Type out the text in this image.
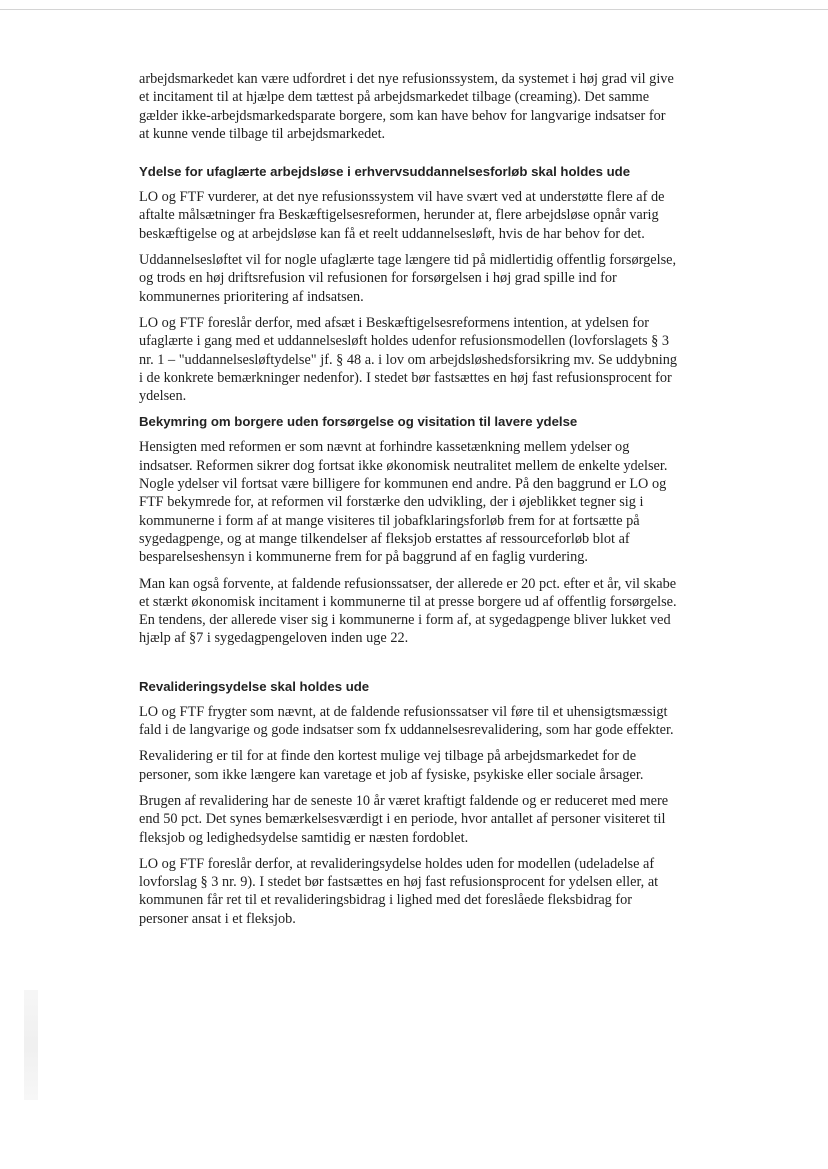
arbejdsmarkedet kan være udfordret i det nye refusionssystem, da systemet i høj grad vil give et incitament til at hjælpe dem tættest på arbejdsmarkedet tilbage (creaming). Det samme gælder ikke-arbejdsmarkedsparate borgere, som kan have behov for langvarige indsatser for at kunne vende tilbage til arbejdsmarkedet.

Ydelse for ufaglærte arbejdsløse i erhvervsuddannelsesforløb skal holdes ude

LO og FTF vurderer, at det nye refusionssystem vil have svært ved at understøtte flere af de aftalte målsætninger fra Beskæftigelsesreformen, herunder at, flere arbejdsløse opnår varig beskæftigelse og at arbejdsløse kan få et reelt uddannelsesløft, hvis de har behov for det.

Uddannelsesløftet vil for nogle ufaglærte tage længere tid på midlertidig offentlig forsørgelse, og trods en høj driftsrefusion vil refusionen for forsørgelsen i høj grad spille ind for kommunernes prioritering af indsatsen.

LO og FTF foreslår derfor, med afsæt i Beskæftigelsesreformens intention, at ydelsen for ufaglærte i gang med et uddannelsesløft holdes udenfor refusionsmodellen (lovforslagets § 3 nr. 1 – "uddannelsesløftydelse" jf. § 48 a. i lov om arbejdsløshedsforsikring mv. Se uddybning i de konkrete bemærkninger nedenfor). I stedet bør fastsættes en høj fast refusionsprocent for ydelsen.

Bekymring om borgere uden forsørgelse og visitation til lavere ydelse

Hensigten med reformen er som nævnt at forhindre kassetænkning mellem ydelser og indsatser. Reformen sikrer dog fortsat ikke økonomisk neutralitet mellem de enkelte ydelser. Nogle ydelser vil fortsat være billigere for kommunen end andre. På den baggrund er LO og FTF bekymrede for, at reformen vil forstærke den udvikling, der i øjeblikket tegner sig i kommunerne i form af at mange visiteres til jobafklaringsforløb frem for at fortsætte på sygedagpenge, og at mange tilkendelser af fleksjob erstattes af ressourceforløb blot af besparelseshensyn i kommunerne frem for på baggrund af en faglig vurdering.

Man kan også forvente, at faldende refusionssatser, der allerede er 20 pct. efter et år, vil skabe et stærkt økonomisk incitament i kommunerne til at presse borgere ud af offentlig forsørgelse. En tendens, der allerede viser sig i kommunerne i form af, at sygedagpenge bliver lukket ved hjælp af §7 i sygedagpengeloven inden uge 22.

Revalideringsydelse skal holdes ude

LO og FTF frygter som nævnt, at de faldende refusionssatser vil føre til et uhensigtsmæssigt fald i de langvarige og gode indsatser som fx uddannelsesrevalidering, som har gode effekter.

Revalidering er til for at finde den kortest mulige vej tilbage på arbejdsmarkedet for de personer, som ikke længere kan varetage et job af fysiske, psykiske eller sociale årsager.

Brugen af revalidering har de seneste 10 år været kraftigt faldende og er reduceret med mere end 50 pct. Det synes bemærkelsesværdigt i en periode, hvor antallet af personer visiteret til fleksjob og ledighedsydelse samtidig er næsten fordoblet.

LO og FTF foreslår derfor, at revalideringsydelse holdes uden for modellen (udeladelse af lovforslag § 3 nr. 9). I stedet bør fastsættes en høj fast refusionsprocent for ydelsen eller, at kommunen får ret til et revalideringsbidrag i lighed med det foreslåede fleksbidrag for personer ansat i et fleksjob.
